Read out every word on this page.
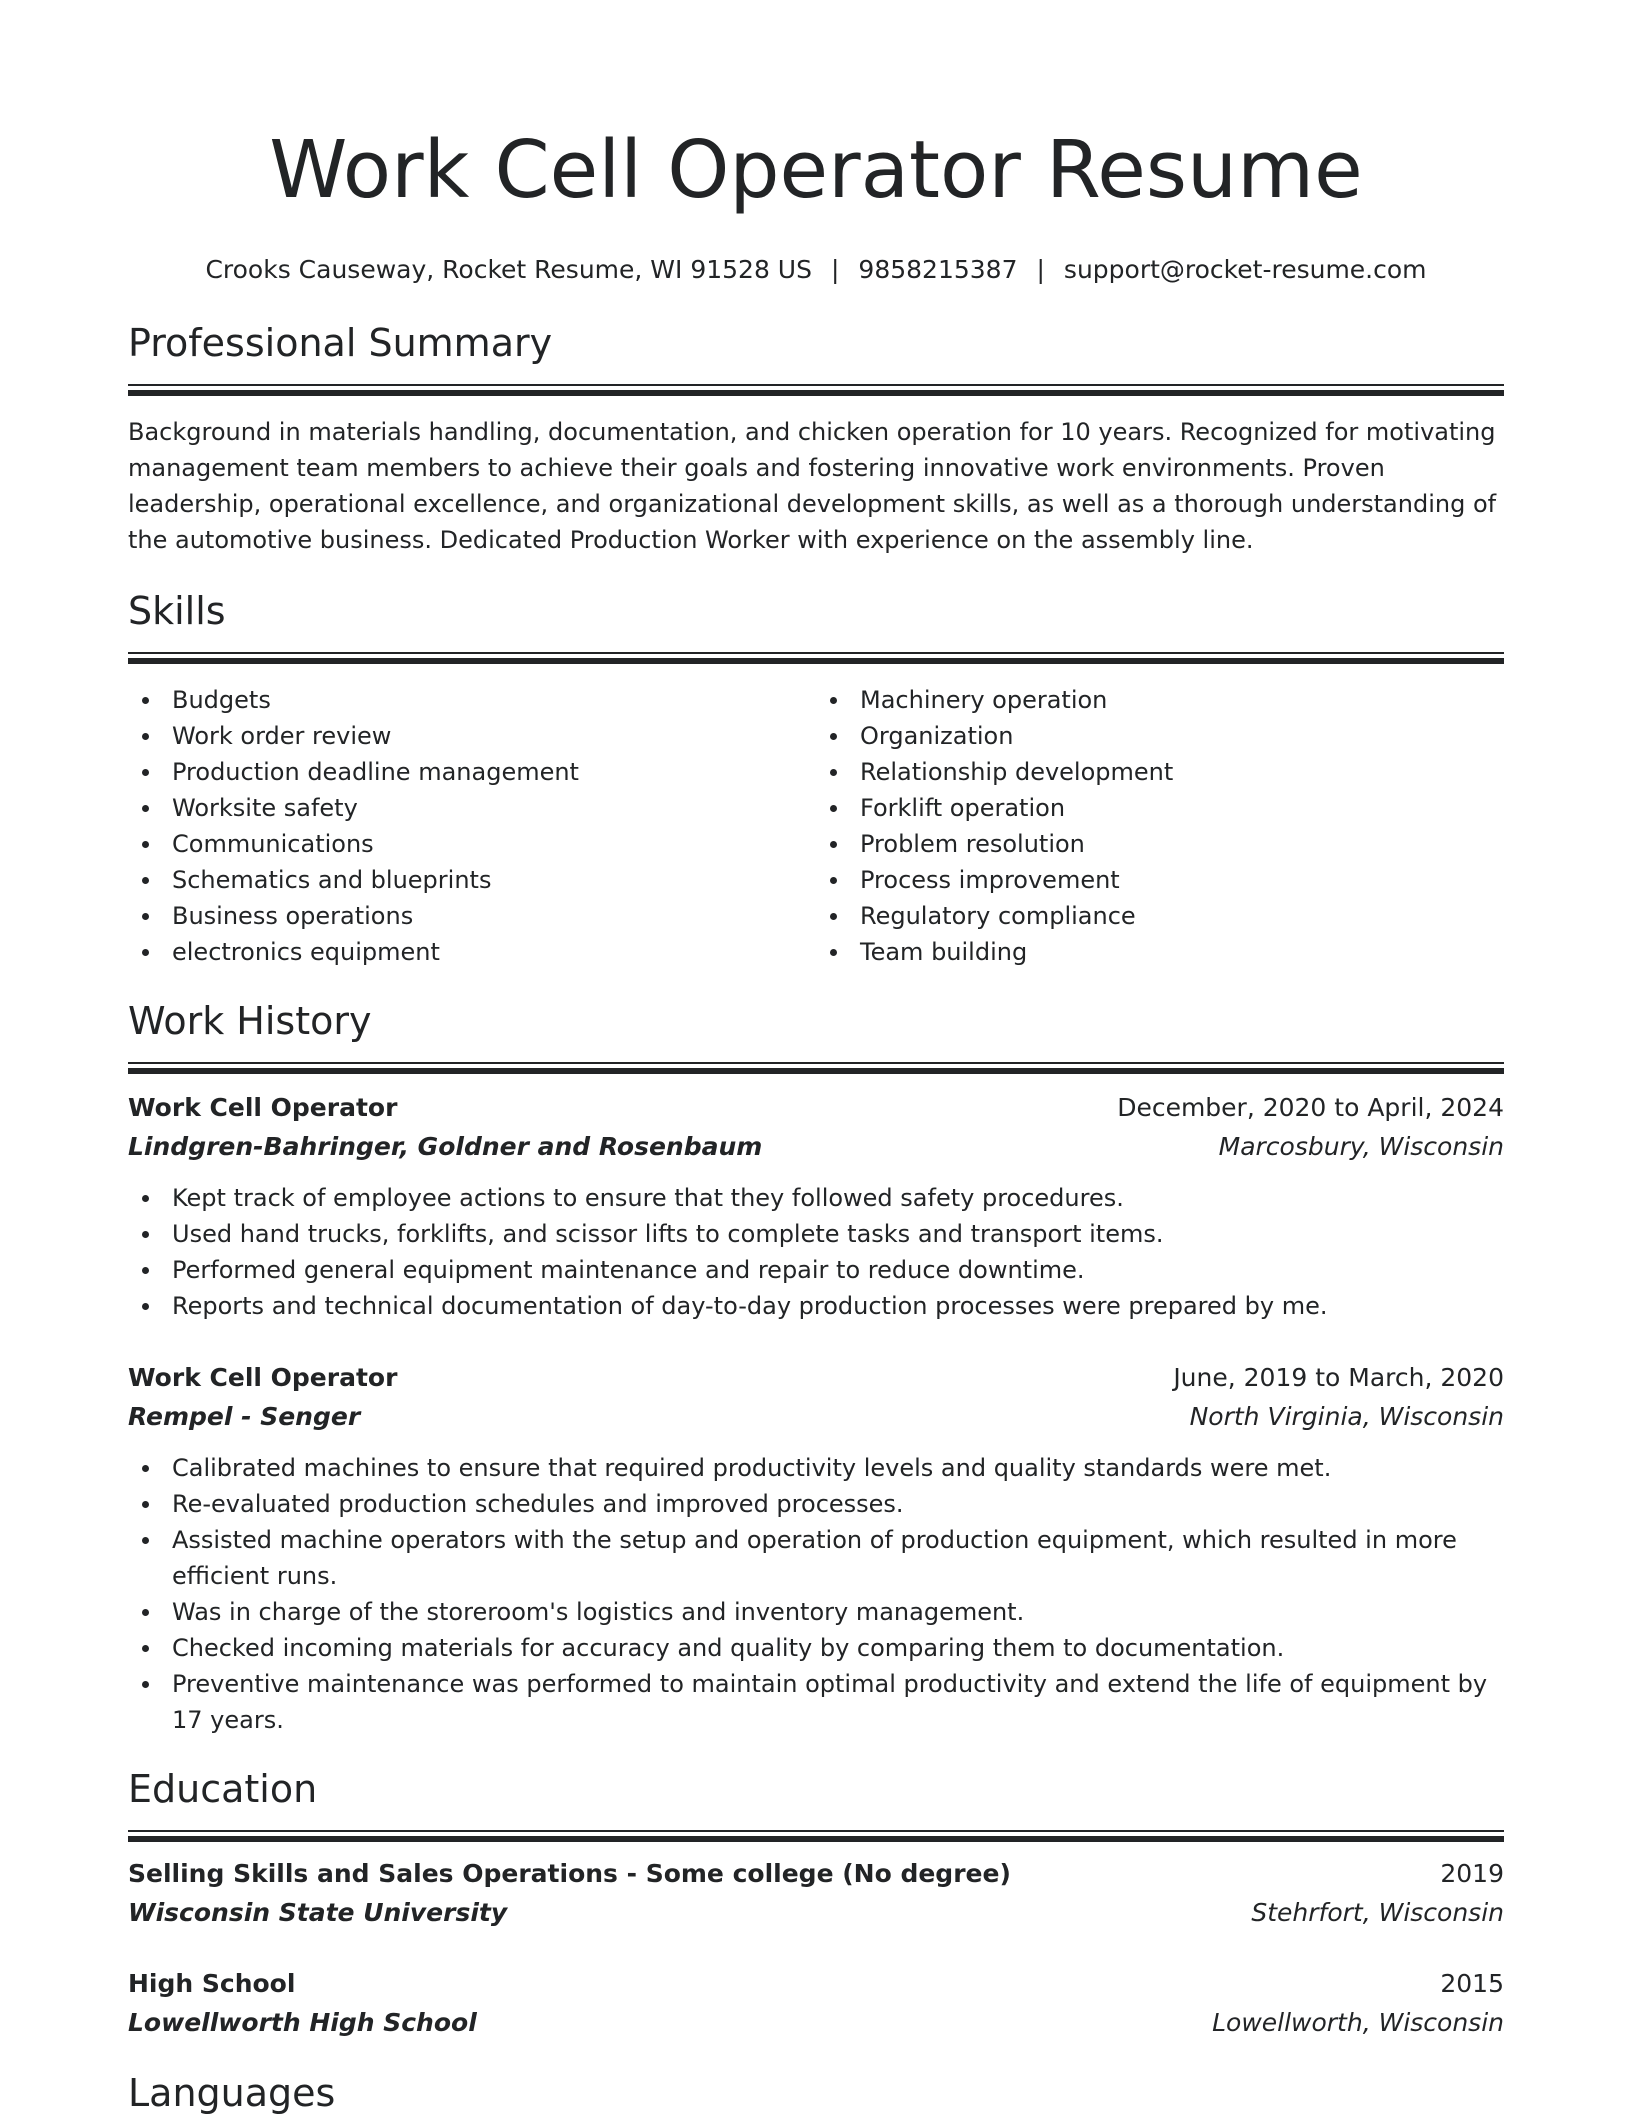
Work Cell Operator Resume
Crooks Causeway, Rocket Resume, WI 91528 US | 9858215387 | support@rocket-resume.com
Professional Summary

Background in materials handling, documentation, and chicken operation for 10 years. Recognized for motivating management team members to achieve their goals and fostering innovative work environments. Proven leadership, operational excellence, and organizational development skills, as well as a thorough understanding of the automotive business. Dedicated Production Worker with experience on the assembly line.

Skills
Budgets
Work order review
Production deadline management
Worksite safety
Communications
Schematics and blueprints
Business operations
electronics equipment
Machinery operation
Organization
Relationship development
Forklift operation
Problem resolution
Process improvement
Regulatory compliance
Team building
Work History
Work Cell Operator	December, 2020 to April, 2024
Lindgren-Bahringer, Goldner and Rosenbaum	Marcosbury, Wisconsin
Kept track of employee actions to ensure that they followed safety procedures.
Used hand trucks, forklifts, and scissor lifts to complete tasks and transport items.
Performed general equipment maintenance and repair to reduce downtime.
Reports and technical documentation of day-to-day production processes were prepared by me.
Work Cell Operator	June, 2019 to March, 2020
Rempel - Senger	North Virginia, Wisconsin
Calibrated machines to ensure that required productivity levels and quality standards were met.
Re-evaluated production schedules and improved processes.
Assisted machine operators with the setup and operation of production equipment, which resulted in more efficient runs.
Was in charge of the storeroom's logistics and inventory management.
Checked incoming materials for accuracy and quality by comparing them to documentation.
Preventive maintenance was performed to maintain optimal productivity and extend the life of equipment by 17 years.
Education
Selling Skills and Sales Operations - Some college (No degree)	2019
Wisconsin State University	Stehrfort, Wisconsin
High School	2015
Lowellworth High School	Lowellworth, Wisconsin
Languages
